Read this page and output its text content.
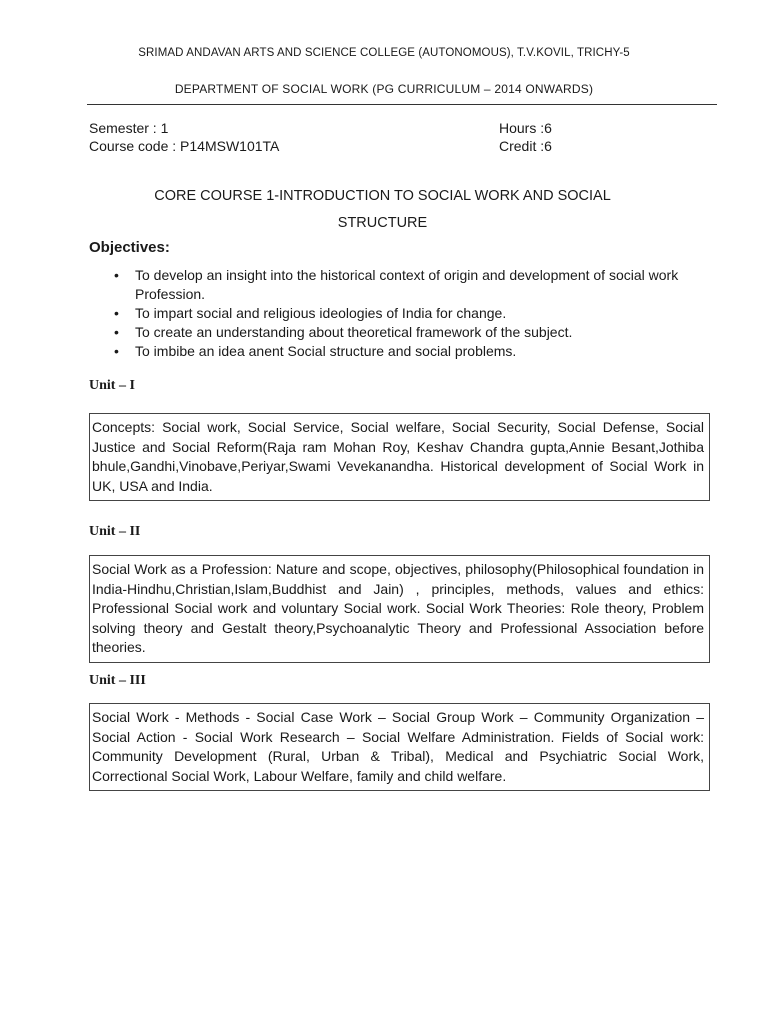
SRIMAD ANDAVAN ARTS AND SCIENCE COLLEGE (AUTONOMOUS), T.V.KOVIL, TRICHY-5
DEPARTMENT OF SOCIAL WORK (PG CURRICULUM – 2014 ONWARDS)
Semester : 1
Course code : P14MSW101TA
Hours :6
Credit :6
CORE COURSE 1-INTRODUCTION TO SOCIAL WORK AND SOCIAL STRUCTURE
Objectives:
• To develop an insight into the historical context of origin and development of social work Profession.
• To impart social and religious ideologies of India for change.
• To create an understanding about theoretical framework of the subject.
• To imbibe an idea anent Social structure and social problems.
Unit – I
Concepts: Social work, Social Service, Social welfare, Social Security, Social Defense, Social Justice and Social Reform(Raja ram Mohan Roy, Keshav Chandra gupta,Annie Besant,Jothiba bhule,Gandhi,Vinobave,Periyar,Swami Vevekanandha. Historical development of Social Work in UK, USA and India.
Unit – II
Social Work as a Profession: Nature and scope, objectives, philosophy(Philosophical foundation in India-Hindhu,Christian,Islam,Buddhist and Jain) , principles, methods, values and ethics: Professional Social work and voluntary Social work. Social Work Theories: Role theory, Problem solving theory and Gestalt theory,Psychoanalytic Theory and Professional Association before theories.
Unit – III
Social Work - Methods - Social Case Work – Social Group Work – Community Organization – Social Action - Social Work Research – Social Welfare Administration. Fields of Social work: Community Development (Rural, Urban & Tribal), Medical and Psychiatric Social Work, Correctional Social Work, Labour Welfare, family and child welfare.
